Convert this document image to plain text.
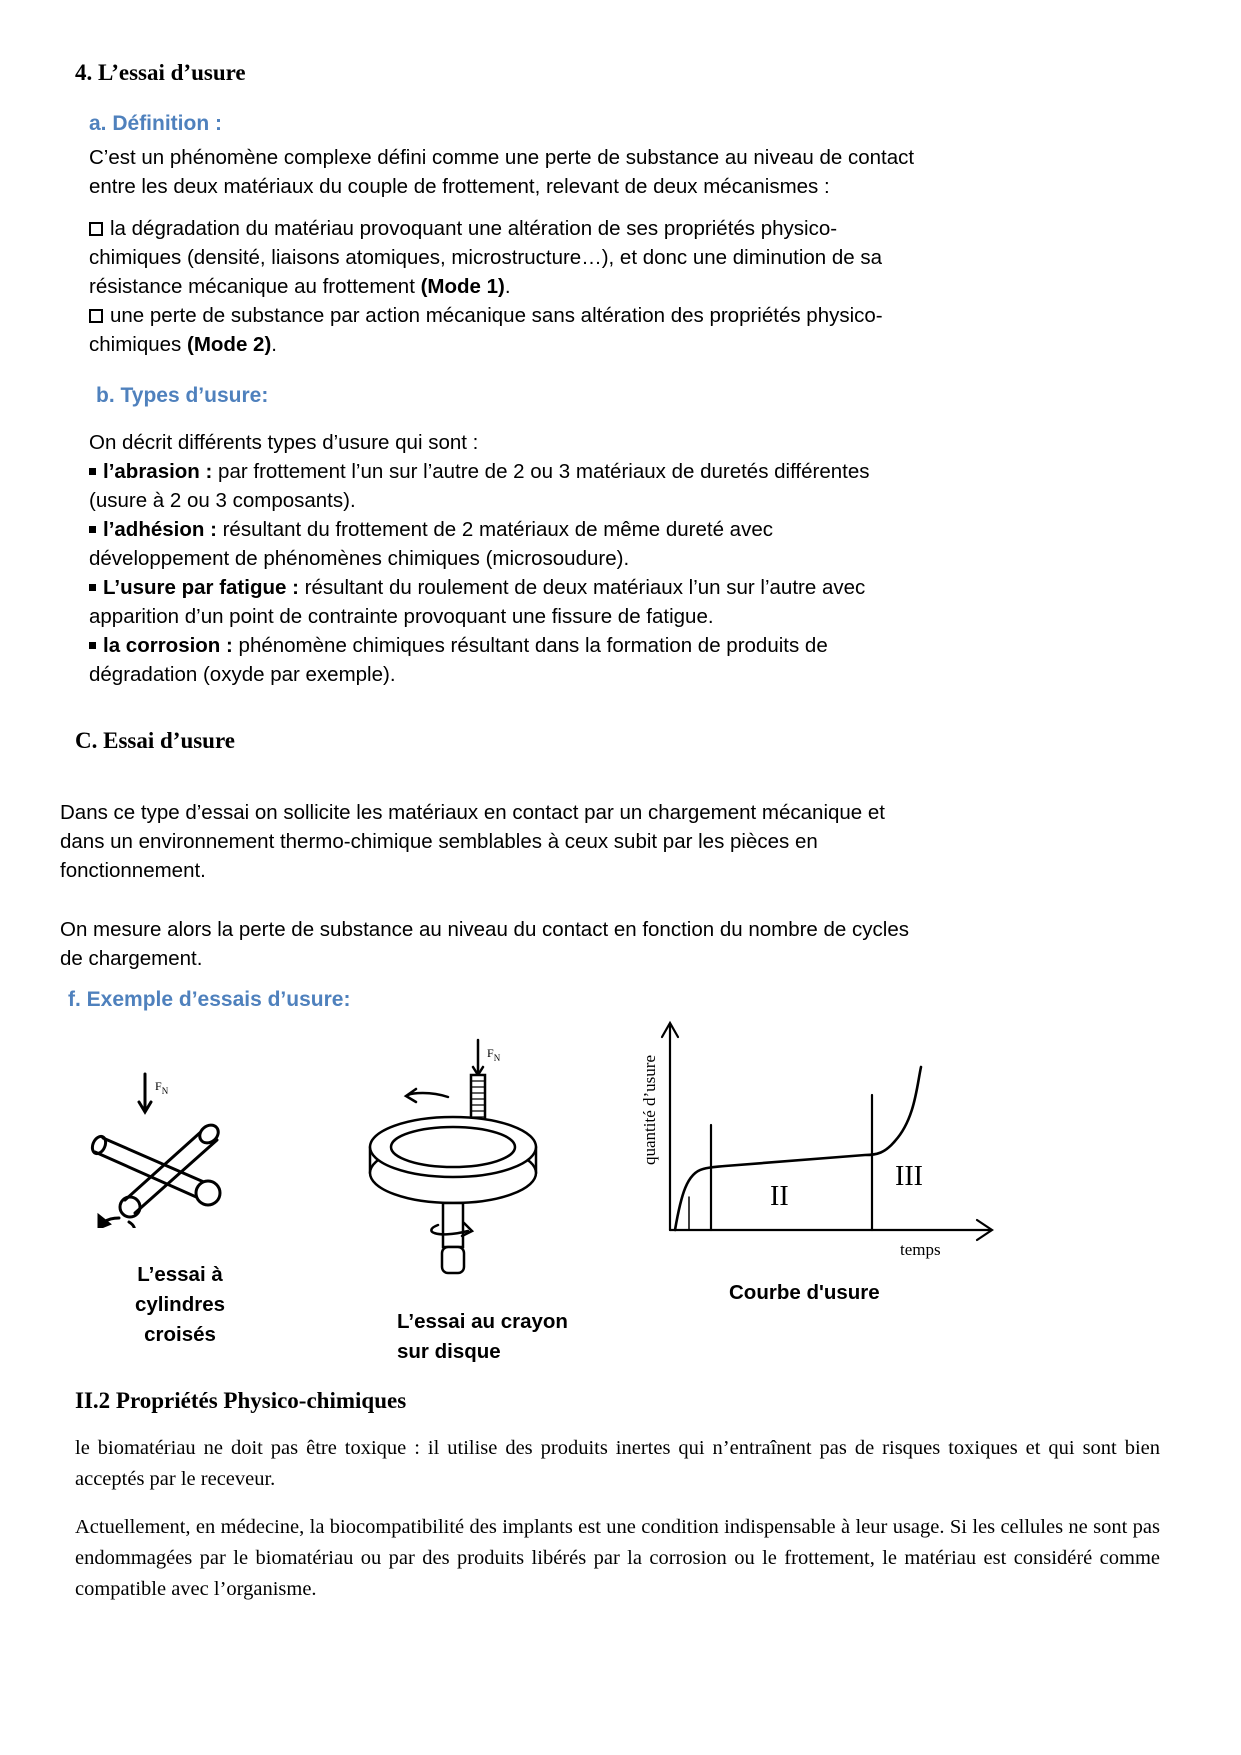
4. L’essai d’usure
a. Définition :
C’est un phénomène complexe défini comme une perte de substance au niveau de contact
entre les deux matériaux du couple de frottement, relevant de deux mécanismes :
la dégradation du matériau provoquant une altération de ses propriétés physico-
chimiques (densité, liaisons atomiques, microstructure…), et donc une diminution de sa
résistance mécanique au frottement (Mode 1).
une perte de substance par action mécanique sans altération des propriétés physico-
chimiques (Mode 2).
b. Types d’usure:
On décrit différents types d’usure qui sont :
l’abrasion : par frottement l’un sur l’autre de 2 ou 3 matériaux de duretés différentes
(usure à 2 ou 3 composants).
l’adhésion : résultant du frottement de 2 matériaux de même dureté avec
développement de phénomènes chimiques (microsoudure).
L’usure par fatigue : résultant du roulement de deux matériaux l’un sur l’autre avec
apparition d’un point de contrainte provoquant une fissure de fatigue.
la corrosion : phénomène chimiques résultant dans la formation de produits de
dégradation (oxyde par exemple).
C. Essai d’usure
Dans ce type d’essai on sollicite les matériaux en contact par un chargement mécanique et
dans un environnement thermo-chimique semblables à ceux subit par les pièces en
fonctionnement.
On mesure alors la perte de substance au niveau du contact en fonction du nombre de cycles
de chargement.
f. Exemple d’essais d’usure:
$F_N$
L’essai à
cylindres
croisés
$F_N$
L’essai au crayon
sur disque
quantité d’usure
temps
II
III
Courbe d'usure
II.2 Propriétés Physico-chimiques

le biomatériau ne doit pas être toxique : il utilise des produits inertes qui n’entraînent pas de risques toxiques et qui sont bien acceptés par le receveur.

Actuellement, en médecine, la biocompatibilité des implants est une condition indispensable à leur usage. Si les cellules ne sont pas endommagées par le biomatériau ou par des produits libérés par la corrosion ou le frottement, le matériau est considéré comme compatible avec l’organisme.
